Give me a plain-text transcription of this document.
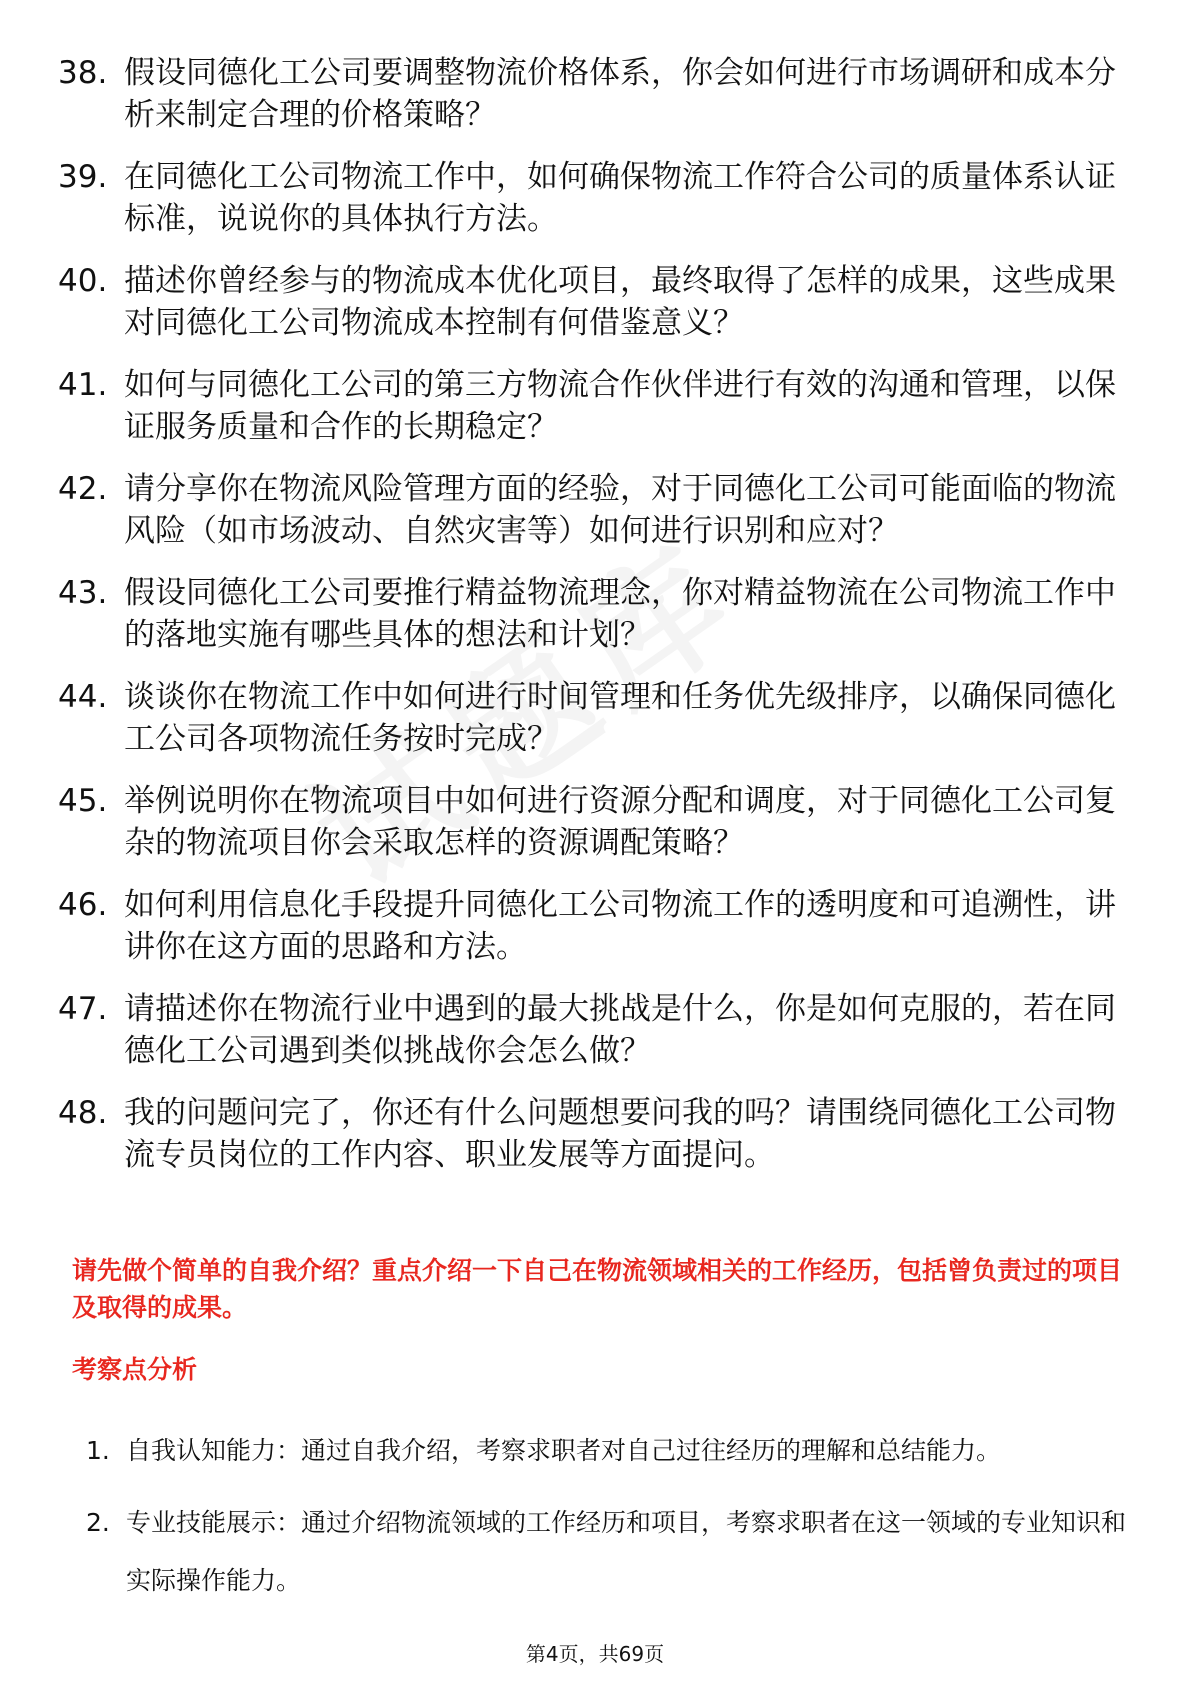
38. 假设同德化工公司要调整物流价格体系，你会如何进行市场调研和成本分析来制定合理的价格策略？
39. 在同德化工公司物流工作中，如何确保物流工作符合公司的质量体系认证标准，说说你的具体执行方法。
40. 描述你曾经参与的物流成本优化项目，最终取得了怎样的成果，这些成果对同德化工公司物流成本控制有何借鉴意义？
41. 如何与同德化工公司的第三方物流合作伙伴进行有效的沟通和管理，以保证服务质量和合作的长期稳定？
42. 请分享你在物流风险管理方面的经验，对于同德化工公司可能面临的物流风险（如市场波动、自然灾害等）如何进行识别和应对？
43. 假设同德化工公司要推行精益物流理念，你对精益物流在公司物流工作中的落地实施有哪些具体的想法和计划？
44. 谈谈你在物流工作中如何进行时间管理和任务优先级排序，以确保同德化工公司各项物流任务按时完成？
45. 举例说明你在物流项目中如何进行资源分配和调度，对于同德化工公司复杂的物流项目你会采取怎样的资源调配策略？
46. 如何利用信息化手段提升同德化工公司物流工作的透明度和可追溯性，讲讲你在这方面的思路和方法。
47. 请描述你在物流行业中遇到的最大挑战是什么，你是如何克服的，若在同德化工公司遇到类似挑战你会怎么做？
48. 我的问题问完了，你还有什么问题想要问我的吗？请围绕同德化工公司物流专员岗位的工作内容、职业发展等方面提问。
请先做个简单的自我介绍？重点介绍一下自己在物流领域相关的工作经历，包括曾负责过的项目及取得的成果。
考察点分析
1. 自我认知能力：通过自我介绍，考察求职者对自己过往经历的理解和总结能力。
2. 专业技能展示：通过介绍物流领域的工作经历和项目，考察求职者在这一领域的专业知识和实际操作能力。
第4页，共69页
